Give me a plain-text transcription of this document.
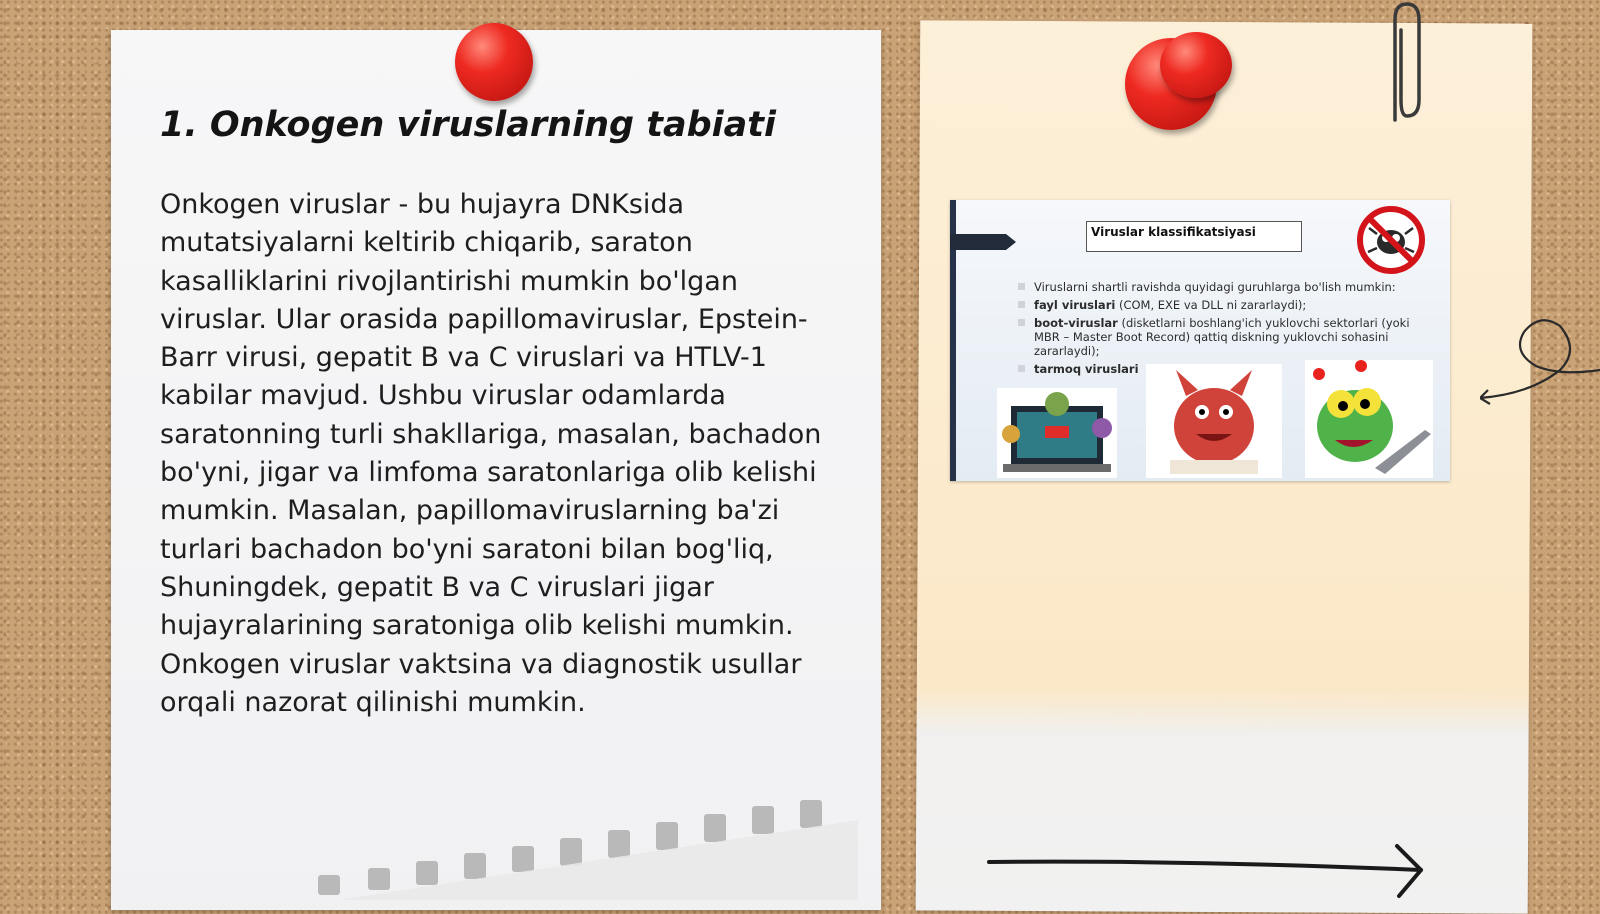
1. Onkogen viruslarning tabiati

Onkogen viruslar - bu hujayra DNKsida mutatsiyalarni keltirib chiqarib, saraton kasalliklarini rivojlantirishi mumkin bo'lgan viruslar. Ular orasida papillomaviruslar, Epstein-Barr virusi, gepatit B va C viruslari va HTLV-1 kabilar mavjud. Ushbu viruslar odamlarda saratonning turli shakllariga, masalan, bachadon bo'yni, jigar va limfoma saratonlariga olib kelishi mumkin. Masalan, papillomaviruslarning ba'zi turlari bachadon bo'yni saratoni bilan bog'liq, Shuningdek, gepatit B va C viruslari jigar hujayralarining saratoniga olib kelishi mumkin. Onkogen viruslar vaktsina va diagnostik usullar orqali nazorat qilinishi mumkin.

Viruslar klassifikatsiyasi
Viruslarni shartli ravishda quyidagi guruhlarga bo'lish mumkin:
fayl viruslari (COM, EXE va DLL ni zararlaydi);
boot-viruslar (disketlarni boshlang'ich yuklovchi sektorlari (yoki MBR – Master Boot Record) qattiq diskning yuklovchi sohasini zararlaydi);
tarmoq viruslari
